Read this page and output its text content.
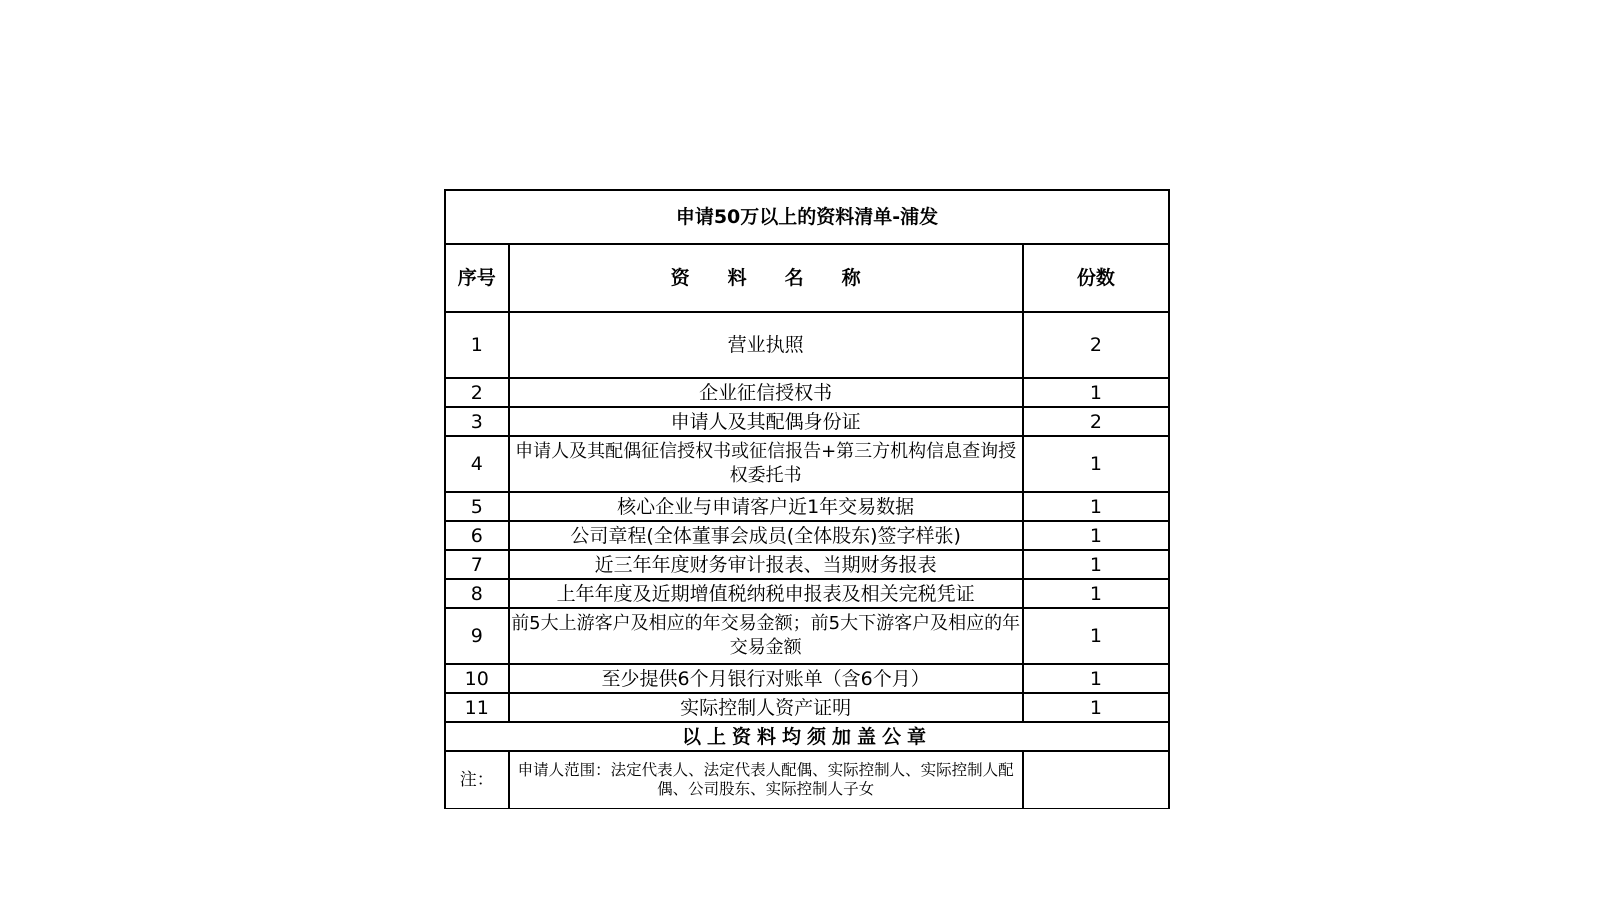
申请50万以上的资料清单-浦发		
序号	资　　料　　名　　称	份数
1	营业执照	2
2	企业征信授权书	1
3	申请人及其配偶身份证	2
4	申请人及其配偶征信授权书或征信报告+第三方机构信息查询授权委托书	1
5	核心企业与申请客户近1年交易数据	1
6	公司章程(全体董事会成员(全体股东)签字样张)	1
7	近三年年度财务审计报表、当期财务报表	1
8	上年年度及近期增值税纳税申报表及相关完税凭证	1
9	前5大上游客户及相应的年交易金额；前5大下游客户及相应的年交易金额	1
10	至少提供6个月银行对账单（含6个月）	1
11	实际控制人资产证明	1
以上资料均须加盖公章		
注：	申请人范围：法定代表人、法定代表人配偶、实际控制人、实际控制人配偶、公司股东、实际控制人子女	
